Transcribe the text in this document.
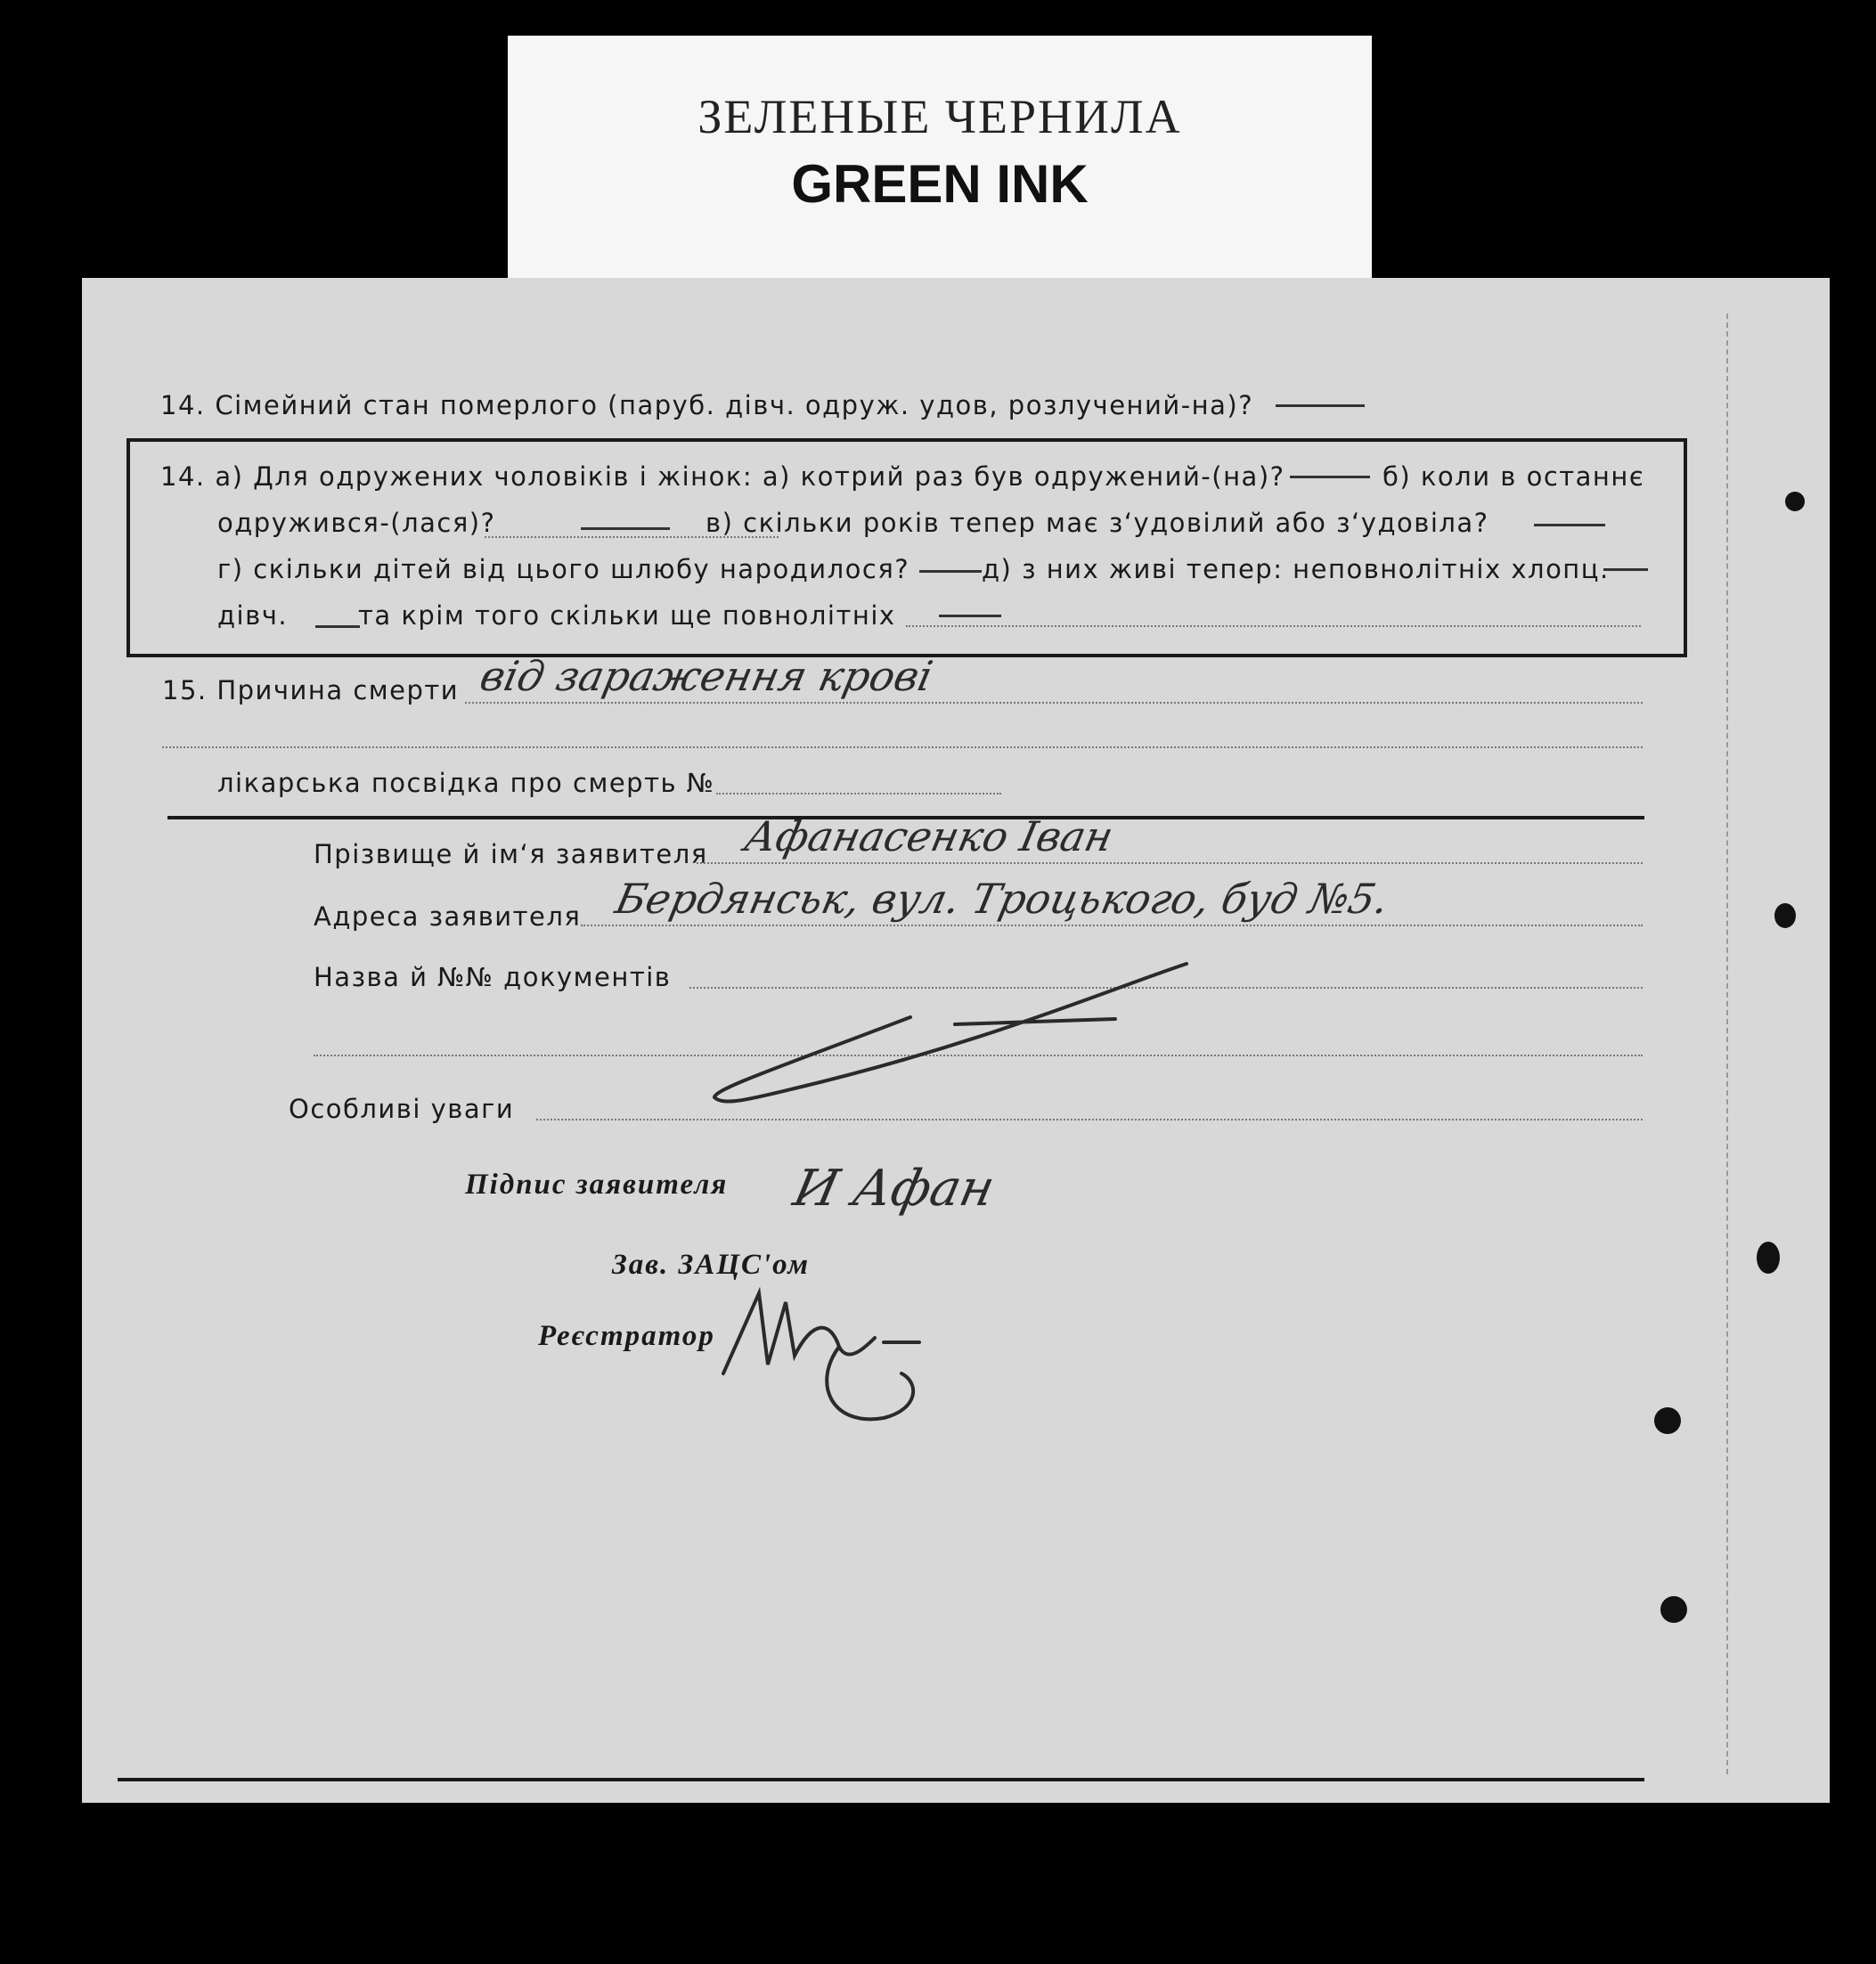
ЗЕЛЕНЫЕ ЧЕРНИЛА
GREEN INK
14. Сімейний стан померлого (паруб. дівч. одруж. удов, розлучений-на)?
14. а) Для одружених чоловіків і жінок: а) котрий раз був одружений-(на)?	б) коли в останнє
одружився-(лася)?	в) скільки років тепер має з‘удовілий або з‘удовіла?
г) скільки дітей від цього шлюбу народилося?	д) з них живі тепер: неповнолітніх хлопц.
дівч.	та крім того скільки ще повнолітніх
15. Причина смерти від зараження крові
лікарська посвідка про смерть №
Прізвище й ім‘я заявителя Афанасенко Іван
Адреса заявителя Бердянськ, вул. Троцького, буд №5.
Назва й №№ документів
Особливі уваги
Підпис заявителя И Афан
Зав. ЗАЦС'ом
Реєстратор
